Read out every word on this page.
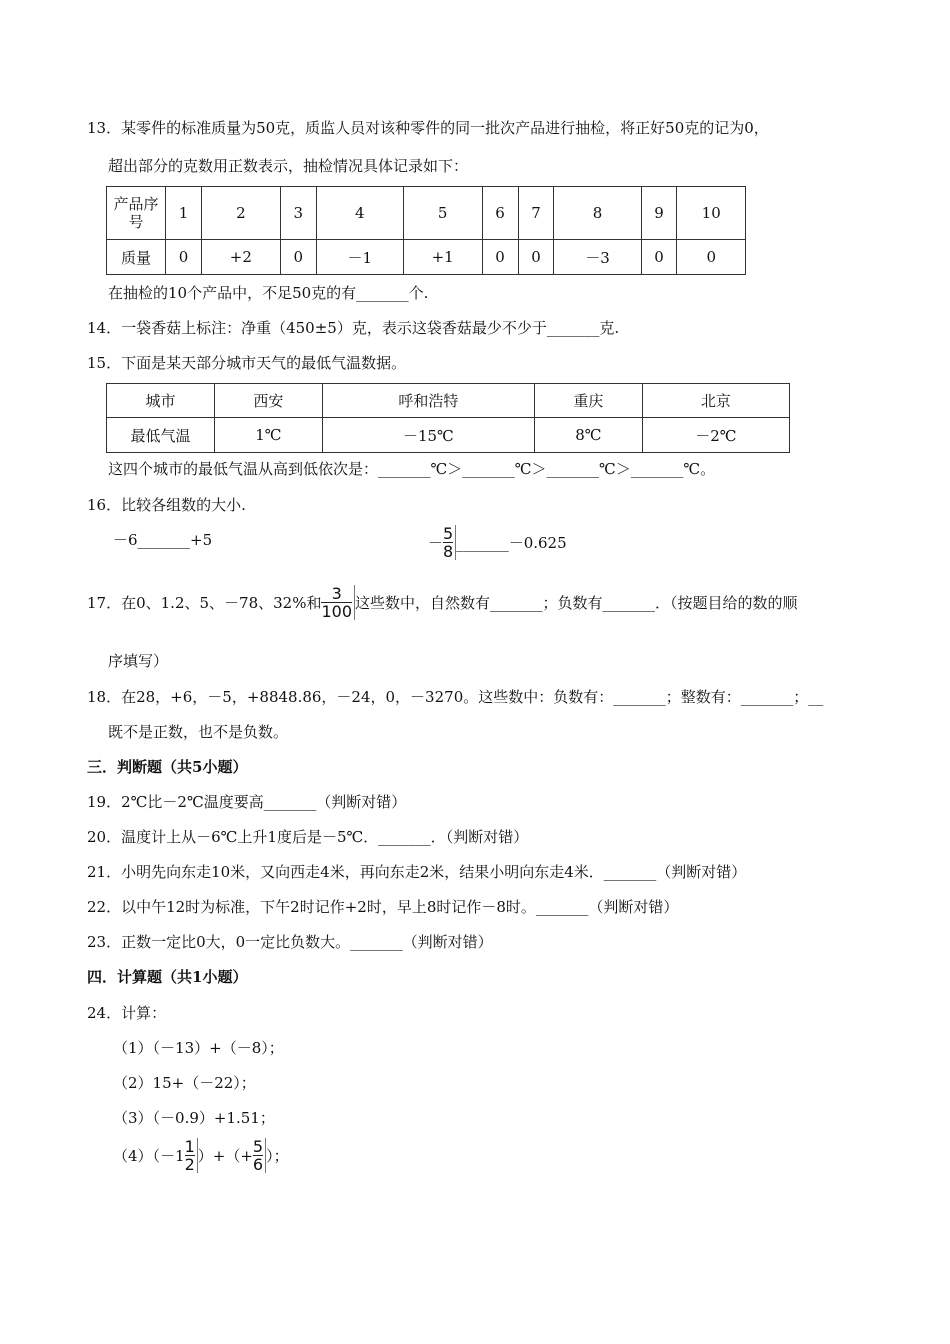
13．某零件的标准质量为50克，质监人员对该种零件的同一批次产品进行抽检，将正好50克的记为0，
超出部分的克数用正数表示，抽检情况具体记录如下：
产品序号	1	2	3	4	5	6	7	8	9	10
质量	0	+2	0	－1	+1	0	0	－3	0	0
在抽检的10个产品中，不足50克的有_______个.
14．一袋香菇上标注：净重（450±5）克，表示这袋香菇最少不少于_______克.
15．下面是某天部分城市天气的最低气温数据。
城市	西安	呼和浩特	重庆	北京
最低气温	1℃	－15℃	8℃	－2℃
这四个城市的最低气温从高到低依次是：_______℃＞_______℃＞_______℃＞_______℃。
16．比较各组数的大小.
－6_______+5	－ $\frac{5}{8}$ _______－0.625
17．在0、1.2、5、－78、32%和 $\frac{3}{100}$ 这些数中，自然数有_______；负数有_______．（按题目给的数的顺
序填写）
18．在28，+6，－5，+8848.86，－24，0，－3270。这些数中：负数有：_______；整数有：_______；__
既不是正数，也不是负数。
三．判断题（共5小题）
19．2℃比－2℃温度要高_______（判断对错）
20．温度计上从－6℃上升1度后是－5℃．_______．（判断对错）
21．小明先向东走10米，又向西走4米，再向东走2米，结果小明向东走4米．_______（判断对错）
22．以中午12时为标准，下午2时记作+2时，早上8时记作－8时。_______（判断对错）
23．正数一定比0大，0一定比负数大。_______（判断对错）
四．计算题（共1小题）
24．计算：
（1）（－13）+（－8）；
（2）15+（－22）；
（3）（－0.9）+1.51；
$(4)(-1 \frac{1}{2}$ ）+（+ $\frac{5}{6}$ ）；
